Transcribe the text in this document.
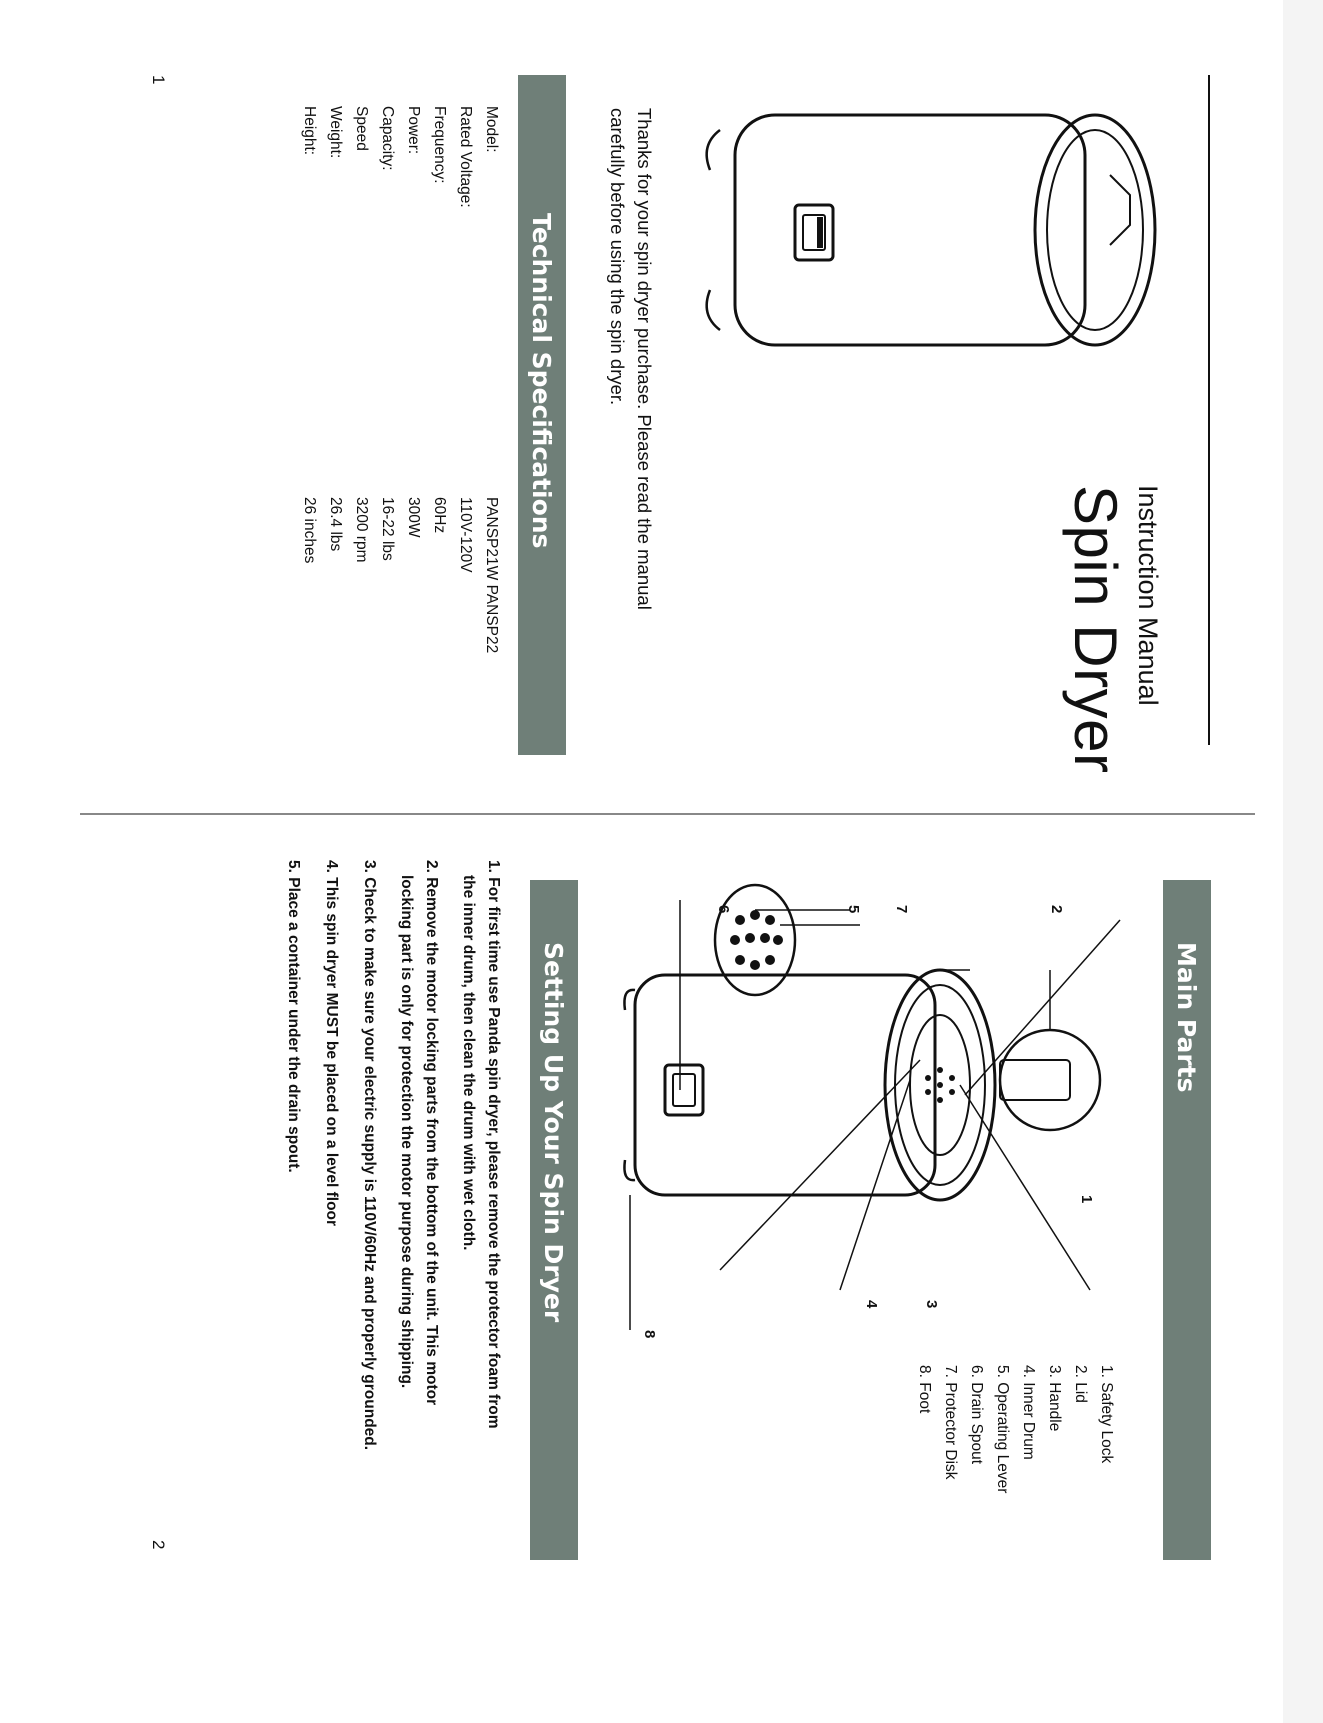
Instruction Manual
Spin Dryer
Thanks for your spin dryer purchase. Please read the manual
carefully before using the spin dryer.
Technical Specifications
Model:
PANSP21W PANSP22
Rated Voltage:
110V-120V
Frequency:
60Hz
Power:
300W
Capacity:
16-22 lbs
Speed
3200 rpm
Weight:
26.4 lbs
Height:
26 inches
1
Main Parts
1
2
3
4
5
6	7
8
1. Safety Lock
2. Lid
3. Handle
4. Inner Drum
5. Operating Lever
6. Drain Spout
7. Protector Disk
8. Foot
Setting Up Your Spin Dryer
1. For first time use Panda spin dryer, please remove the protector foam from
the inner drum, then clean the drum with wet cloth.
2. Remove the motor locking parts from the bottom of the unit. This motor
locking part is only for protection the motor purpose during shipping.
3. Check to make sure your electric supply is 110V/60Hz and properly grounded.
4. This spin dryer MUST be placed on a level floor
5. Place a container under the drain spout.
2
